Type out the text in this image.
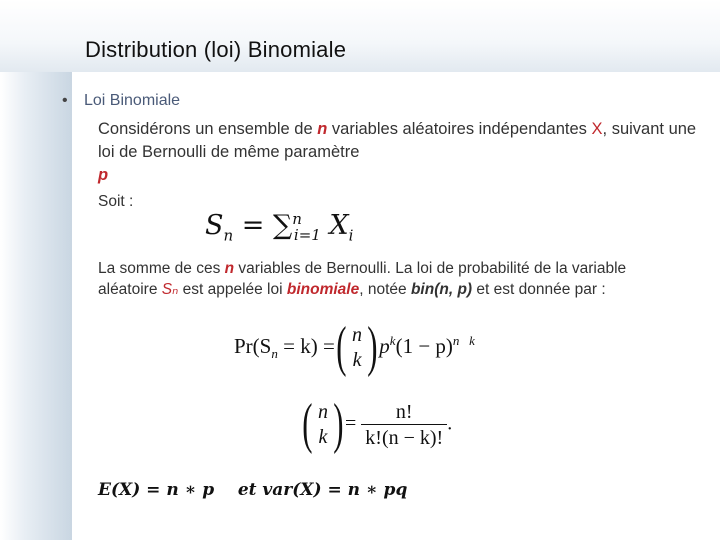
Distribution (loi) Binomiale
• Loi Binomiale
Considérons un ensemble de n variables aléatoires indépendantes X, suivant une loi de Bernoulli de même paramètre
p
Soit :
$S_n = \sum^n_{i=1}$ $X_i$
La somme de ces n variables de Bernoulli. La loi de probabilité de la variable aléatoire Sₙ est appelée loi binomiale, notée bin(n, p) et est donnée par :
$Pr(S_n = k)$ =
( n
k ) $p^k(1 - p)^{n k}$
( n
k )
= $\frac{n!}{k!(n - k)!}$ .
E(X) = n ∗ p    et var(X) = n ∗ pq
